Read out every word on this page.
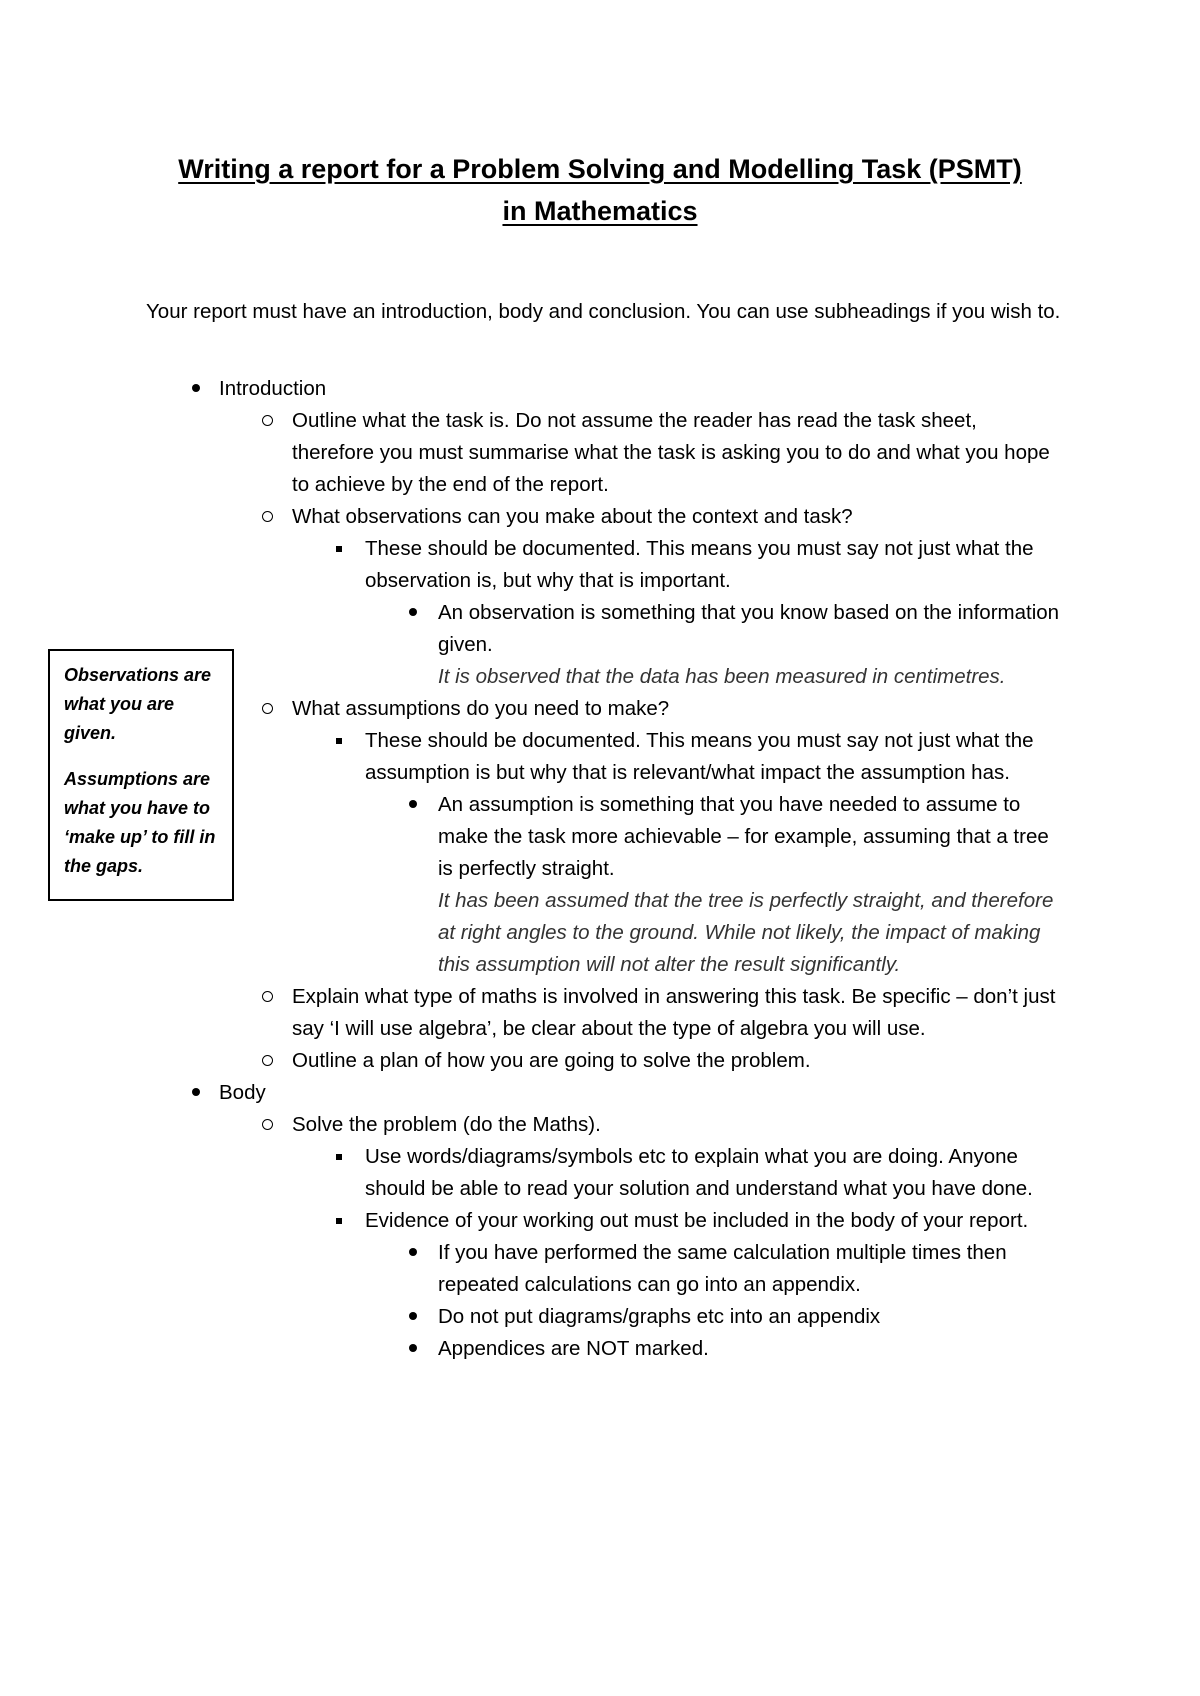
Writing a report for a Problem Solving and Modelling Task (PSMT)
in Mathematics
Your report must have an introduction, body and conclusion. You can use subheadings if you wish to.
Introduction
Outline what the task is. Do not assume the reader has read the task sheet, therefore you must summarise what the task is asking you to do and what you hope to achieve by the end of the report.
What observations can you make about the context and task?
These should be documented. This means you must say not just what the observation is, but why that is important.
An observation is something that you know based on the information given.
It is observed that the data has been measured in centimetres.
What assumptions do you need to make?
These should be documented. This means you must say not just what the assumption is but why that is relevant/what impact the assumption has.
An assumption is something that you have needed to assume to make the task more achievable – for example, assuming that a tree is perfectly straight.
It has been assumed that the tree is perfectly straight, and therefore at right angles to the ground. While not likely, the impact of making this assumption will not alter the result significantly.
Explain what type of maths is involved in answering this task. Be specific – don’t just say ‘I will use algebra’, be clear about the type of algebra you will use.
Outline a plan of how you are going to solve the problem.
Body
Solve the problem (do the Maths).
Use words/diagrams/symbols etc to explain what you are doing. Anyone should be able to read your solution and understand what you have done.
Evidence of your working out must be included in the body of your report.
If you have performed the same calculation multiple times then repeated calculations can go into an appendix.
Do not put diagrams/graphs etc into an appendix
Appendices are NOT marked.

Observations are what you are given.

Assumptions are what you have to ‘make up’ to fill in the gaps.
